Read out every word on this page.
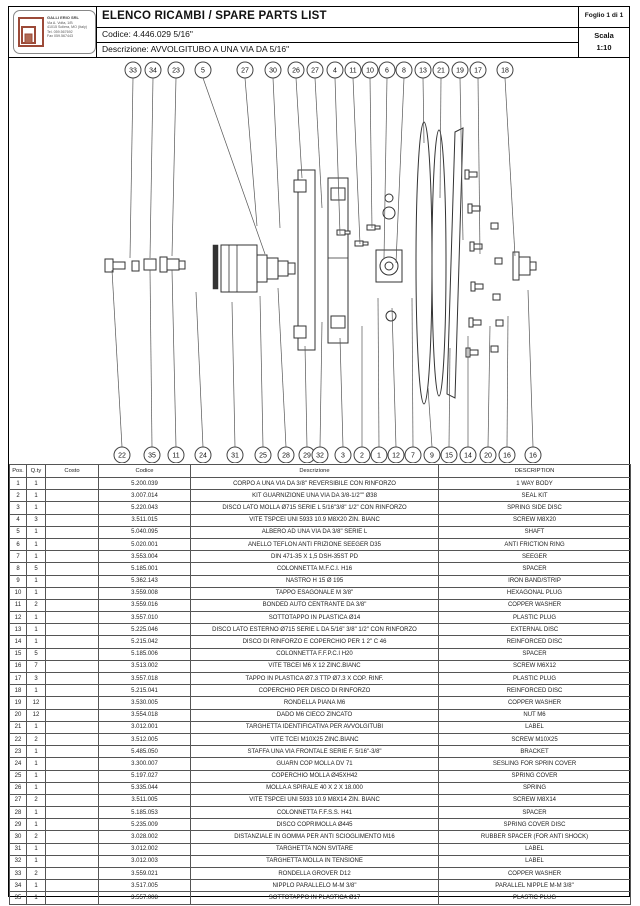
GALLI ERIO SRL
Via A. Volta, 1/B
41015 Soliera, MO (Italy)
Tel. 059.567692
Fax 059.567443
ELENCO RICAMBI / SPARE PARTS LIST
Codice: 4.446.029 5/16"
Descrizione: AVVOLGITUBO A UNA VIA DA 5/16"
Foglio 1 di 1
Scala
1:10
33 34 23	5	27	30 26 27 4 11 10 6 8 13 21 19 17	18
22	35 11	24	31	25 28 29 32 3 2 1 12 7 9 15 14 20 16	16
Pos.	Q.ty	Costo	Codice	Descrizione	DESCRIPTION
1	1		5.200.039	CORPO A UNA VIA DA 3/8" REVERSIBILE CON RINFORZO	1 WAY BODY
2	1		3.007.014	KIT GUARNIZIONE UNA VIA DA 3/8-1/2"" Ø38	SEAL KIT
3	1		5.220.043	DISCO LATO MOLLA Ø715 SERIE L 5/16"3/8" 1/2" CON RINFORZO	SPRING SIDE DISC
4	3		3.511.015	VITE TSPCEI UNI 5933 10.9 M8X20 ZIN. BIANC	SCREW M8X20
5	1		5.040.095	ALBERO AD UNA VIA DA 3/8" SERIE L	SHAFT
6	1		5.020.001	ANELLO TEFLON ANTI FRIZIONE SEEGER D35	ANTI FRICTION RING
7	1		3.553.004	DIN 471-35 X 1,5 DSH-35ST PD	SEEGER
8	5		5.185.001	COLONNETTA M.F.C.I. H16	SPACER
9	1		5.362.143	NASTRO H 15 Ø 195	IRON BAND/STRIP
10	1		3.559.008	TAPPO ESAGONALE M 3/8"	HEXAGONAL PLUG
11	2		3.559.016	BONDED AUTO CENTRANTE DA 3/8"	COPPER WASHER
12	1		3.557.010	SOTTOTAPPO IN PLASTICA Ø14	PLASTIC PLUG
13	1		5.225.046	DISCO LATO ESTERNO Ø715 SERIE L DA 5/16" 3/8" 1/2" CON RINFORZO	EXTERNAL DISC
14	1		5.215.042	DISCO DI RINFORZO E COPERCHIO PER 1 2" C 46	REINFORCED DISC
15	5		5.185.006	COLONNETTA F.F.P.C.I H20	SPACER
16	7		3.513.002	VITE TBCEI M6 X 12 ZINC.BIANC	SCREW M6X12
17	3		3.557.018	TAPPO IN PLASTICA Ø7.3 TTP Ø7.3 X COP. RINF.	PLASTIC PLUG
18	1		5.215.041	COPERCHIO PER DISCO DI RINFORZO	REINFORCED DISC
19	12		3.530.005	RONDELLA PIANA M6	COPPER WASHER
20	12		3.554.018	DADO M6 CIECO ZINCATO	NUT M6
21	1		3.012.001	TARGHETTA IDENTIFICATIVA PER AVVOLGITUBI	LABEL
22	2		3.512.005	VITE TCEI M10X25 ZINC.BIANC	SCREW M10X25
23	1		5.485.050	STAFFA UNA VIA FRONTALE SERIE F. 5/16"-3/8"	BRACKET
24	1		3.300.007	GUARN COP MOLLA DV 71	SESLING FOR SPRIN COVER
25	1		5.197.027	COPERCHIO MOLLA Ø45XH42	SPRING COVER
26	1		5.335.044	MOLLA A SPIRALE 40 X 2 X 18.000	SPRING
27	2		3.511.005	VITE TSPCEI UNI 5933 10.9 M8X14 ZIN. BIANC	SCREW M8X14
28	1		5.185.053	COLONNETTA F.F.S.S. H41	SPACER
29	1		5.235.009	DISCO COPRIMOLLA Ø445	SPRING COVER DISC
30	2		3.028.002	DISTANZIALE IN GOMMA PER ANTI SCIOGLIMENTO M16	RUBBER SPACER (FOR ANTI SHOCK)
31	1		3.012.002	TARGHETTA NON SVITARE	LABEL
32	1		3.012.003	TARGHETTA MOLLA IN TENSIONE	LABEL
33	2		3.559.021	RONDELLA GROVER D12	COPPER WASHER
34	1		3.517.005	NIPPLO PARALLELO M-M 3/8"	PARALLEL NIPPLE M-M 3/8"
35	1		3.557.008	SOTTOTAPPO IN PLASTICA Ø17	PLASTIC PLUG
